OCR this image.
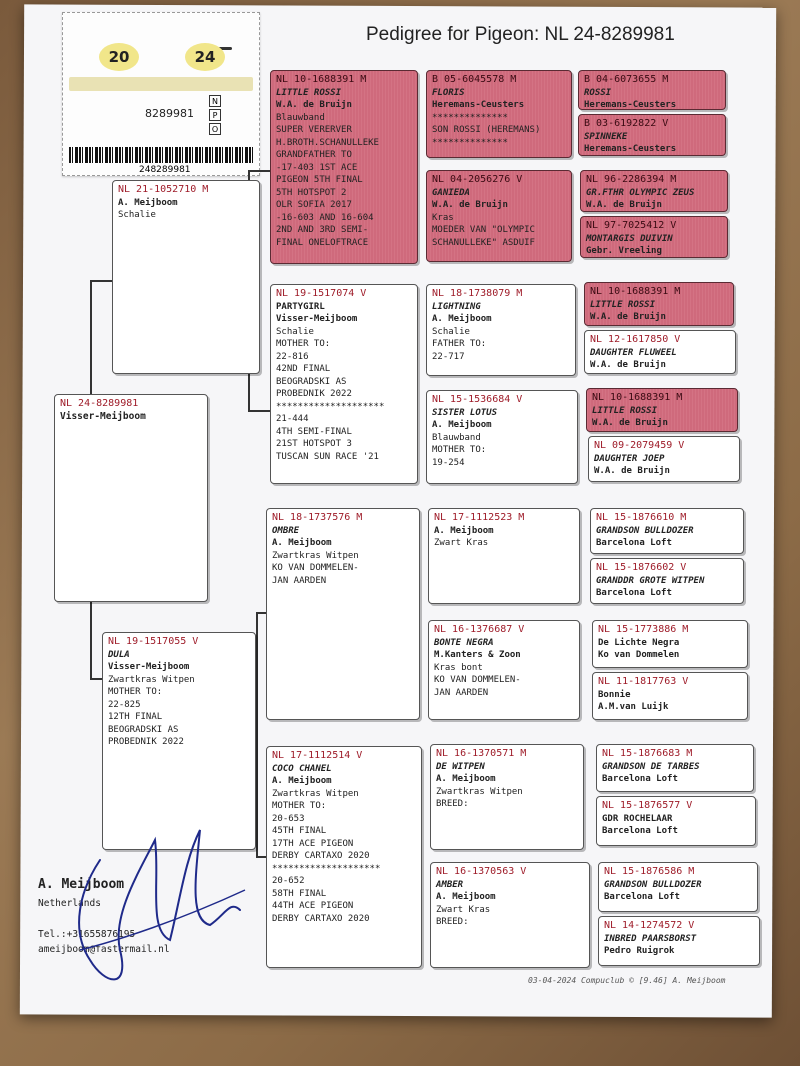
20	24
8289981
N
P
O
248289981
Pedigree for Pigeon: NL 24-8289981
NL 24-8289981
Visser-Meijboom
NL 21-1052710 M
A. Meijboom
Schalie
NL 19-1517055 V
DULA
Visser-Meijboom
Zwartkras Witpen
MOTHER TO:
22-825
12TH FINAL
BEOGRADSKI AS
PROBEDNIK 2022
NL 10-1688391 M
LITTLE ROSSI
W.A. de Bruijn
Blauwband
SUPER VERERVER
H.BROTH.SCHANULLEKE
GRANDFATHER TO
-17-403 1ST ACE
PIGEON 5TH FINAL
5TH HOTSPOT 2
OLR SOFIA 2017
-16-603 AND 16-604
2ND AND 3RD SEMI-
FINAL ONELOFTRACE
NL 19-1517074 V
PARTYGIRL
Visser-Meijboom
Schalie
MOTHER TO:
22-816
42ND FINAL
BEOGRADSKI AS
PROBEDNIK 2022
********************
21-444
4TH SEMI-FINAL
21ST HOTSPOT 3
TUSCAN SUN RACE '21
NL 18-1737576 M
OMBRE
A. Meijboom
Zwartkras Witpen
KO VAN DOMMELEN-
JAN AARDEN
NL 17-1112514 V
COCO CHANEL
A. Meijboom
Zwartkras Witpen
MOTHER TO:
20-653
45TH FINAL
17TH ACE PIGEON
DERBY CARTAXO 2020
********************
20-652
58TH FINAL
44TH ACE PIGEON
DERBY CARTAXO 2020
B 05-6045578 M
FLORIS
Heremans-Ceusters
**************
SON ROSSI (HEREMANS)
**************
NL 04-2056276 V
GANIEDA
W.A. de Bruijn
Kras
MOEDER VAN "OLYMPIC
SCHANULLEKE" ASDUIF
NL 18-1738079 M
LIGHTNING
A. Meijboom
Schalie
FATHER TO:
22-717
NL 15-1536684 V
SISTER LOTUS
A. Meijboom
Blauwband
MOTHER TO:
19-254
NL 17-1112523 M
A. Meijboom
Zwart Kras
NL 16-1376687 V
BONTE NEGRA
M.Kanters & Zoon
Kras bont
KO VAN DOMMELEN-
JAN AARDEN
NL 16-1370571 M
DE WITPEN
A. Meijboom
Zwartkras Witpen
BREED:
NL 16-1370563 V
AMBER
A. Meijboom
Zwart Kras
BREED:
B 04-6073655 M
ROSSI
Heremans-Ceusters
B 03-6192822 V
SPINNEKE
Heremans-Ceusters
NL 96-2286394 M
GR.FTHR OLYMPIC ZEUS
W.A. de Bruijn
NL 97-7025412 V
MONTARGIS DUIVIN
Gebr. Vreeling
NL 10-1688391 M
LITTLE ROSSI
W.A. de Bruijn
NL 12-1617850 V
DAUGHTER FLUWEEL
W.A. de Bruijn
NL 10-1688391 M
LITTLE ROSSI
W.A. de Bruijn
NL 09-2079459 V
DAUGHTER JOEP
W.A. de Bruijn
NL 15-1876610 M
GRANDSON BULLDOZER
Barcelona Loft
NL 15-1876602 V
GRANDDR GROTE WITPEN
Barcelona Loft
NL 15-1773886 M
De Lichte Negra
Ko van Dommelen
NL 11-1817763 V
Bonnie
A.M.van Luijk
NL 15-1876683 M
GRANDSON DE TARBES
Barcelona Loft
NL 15-1876577 V
GDR ROCHELAAR
Barcelona Loft
NL 15-1876586 M
GRANDSON BULLDOZER
Barcelona Loft
NL 14-1274572 V
INBRED PAARSBORST
Pedro Ruigrok
A. Meijboom
Netherlands
Tel.:+31655876195
ameijboom@fastermail.nl
03-04-2024 Compuclub © [9.46] A. Meijboom
